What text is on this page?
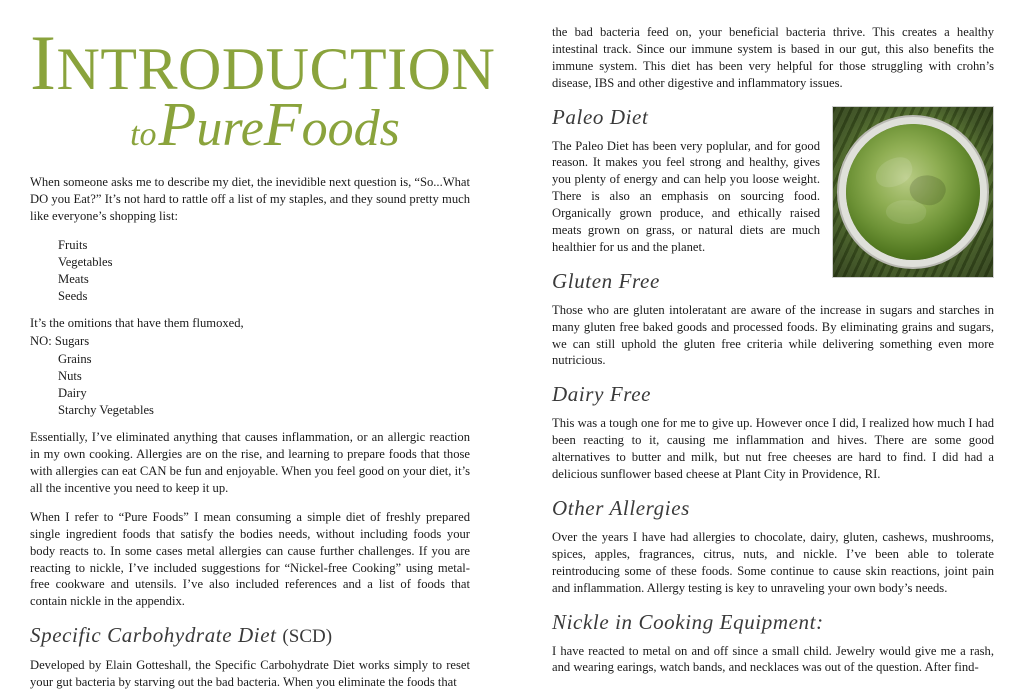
INTRODUCTION
toPureFoods

When someone asks me to describe my diet, the inevidible next question is, “So...What DO you Eat?” It’s not hard to rattle off a list of my staples, and they sound pretty much like everyone’s shopping list:

Fruits
Vegetables
Meats
Seeds

It’s the omitions that have them flumoxed,

NO: Sugars

Grains
Nuts
Dairy
Starchy Vegetables

Essentially, I’ve eliminated anything that causes inflammation, or an allergic reaction in my own cooking. Allergies are on the rise, and learning to prepare foods that those with allergies can eat CAN be fun and enjoyable. When you feel good on your diet, it’s all the incentive you need to keep it up.

When I refer to “Pure Foods” I mean consuming a simple diet of freshly prepared single ingredient foods that satisfy the bodies needs, without including foods your body reacts to. In some cases metal allergies can cause further challenges. If you are reacting to nickle, I’ve included suggestions for “Nickel-free Cooking” using metal-free cookware and utensils. I’ve also included references and a list of foods that contain nickle in the appendix.

Specific Carbohydrate Diet (SCD)

Developed by Elain Gotteshall, the Specific Carbohydrate Diet works simply to reset your gut bacteria by starving out the bad bacteria. When you eliminate the foods that

the bad bacteria feed on, your beneficial bacteria thrive. This creates a healthy intestinal track. Since our immune system is based in our gut, this also benefits the immune system. This diet has been very helpful for those struggling with crohn’s disease, IBS and other digestive and inflammatory issues.

Paleo Diet

The Paleo Diet has been very poplular, and for good reason. It makes you feel strong and healthy, gives you plenty of energy and can help you loose weight. There is also an emphasis on sourcing food. Organically grown produce, and ethically raised meats grown on grass, or natural diets are much healthier for us and the planet.

Gluten Free

Those who are gluten intoleratant are aware of the increase in sugars and starches in many gluten free baked goods and processed foods. By eliminating grains and sugars, we can still uphold the gluten free criteria while delivering something even more nutricious.

Dairy Free

This was a tough one for me to give up. However once I did, I realized how much I had been reacting to it, causing me inflammation and hives. There are some good alternatives to butter and milk, but nut free cheeses are hard to find. I did had a delicious sunflower based cheese at Plant City in Providence, RI.

Other Allergies

Over the years I have had allergies to chocolate, dairy, gluten, cashews, mushrooms, spices, apples, fragrances, citrus, nuts, and nickle. I’ve been able to tolerate reintroducing some of these foods. Some continue to cause skin reactions, joint pain and inflammation. Allergy testing is key to unraveling your own body’s needs.

Nickle in Cooking Equipment:

I have reacted to metal on and off since a small child. Jewelry would give me a rash, and wearing earings, watch bands, and necklaces was out of the question. After find-
